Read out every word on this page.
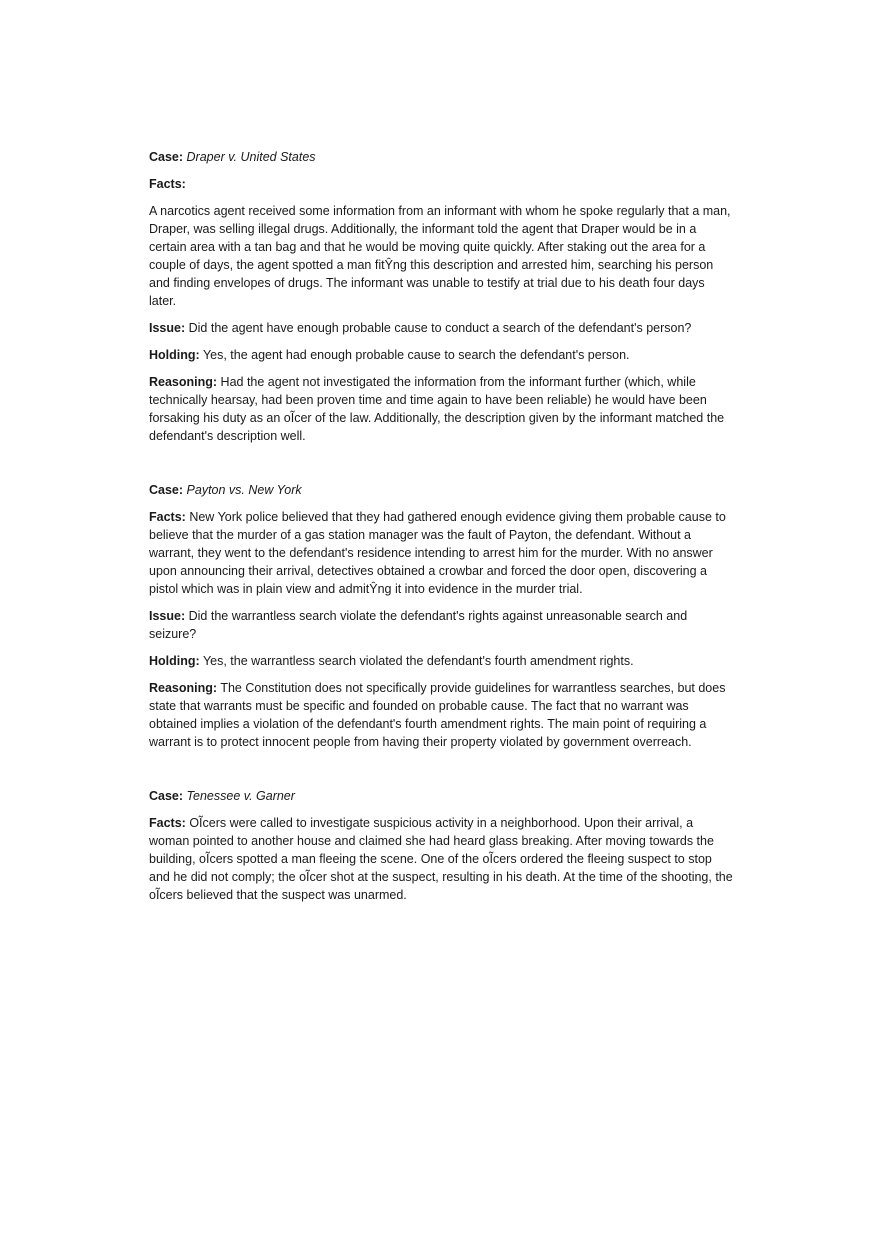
Case: Draper v. United States

Facts:

A narcotics agent received some information from an informant with whom he spoke regularly that a man, Draper, was selling illegal drugs. Additionally, the informant told the agent that Draper would be in a certain area with a tan bag and that he would be moving quite quickly. After staking out the area for a couple of days, the agent spotted a man fitŶng this description and arrested him, searching his person and finding envelopes of drugs. The informant was unable to testify at trial due to his death four days later.

Issue: Did the agent have enough probable cause to conduct a search of the defendant's person?

Holding: Yes, the agent had enough probable cause to search the defendant's person.

Reasoning: Had the agent not investigated the information from the informant further (which, while technically hearsay, had been proven time and time again to have been reliable) he would have been forsaking his duty as an oĨcer of the law. Additionally, the description given by the informant matched the defendant's description well.

Case: Payton vs. New York

Facts: New York police believed that they had gathered enough evidence giving them probable cause to believe that the murder of a gas station manager was the fault of Payton, the defendant. Without a warrant, they went to the defendant's residence intending to arrest him for the murder. With no answer upon announcing their arrival, detectives obtained a crowbar and forced the door open, discovering a pistol which was in plain view and admitŶng it into evidence in the murder trial.

Issue: Did the warrantless search violate the defendant's rights against unreasonable search and seizure?

Holding: Yes, the warrantless search violated the defendant's fourth amendment rights.

Reasoning: The Constitution does not specifically provide guidelines for warrantless searches, but does state that warrants must be specific and founded on probable cause. The fact that no warrant was obtained implies a violation of the defendant's fourth amendment rights. The main point of requiring a warrant is to protect innocent people from having their property violated by government overreach.

Case: Tenessee v. Garner

Facts: OĨcers were called to investigate suspicious activity in a neighborhood. Upon their arrival, a woman pointed to another house and claimed she had heard glass breaking. After moving towards the building, oĨcers spotted a man fleeing the scene. One of the oĨcers ordered the fleeing suspect to stop and he did not comply; the oĨcer shot at the suspect, resulting in his death. At the time of the shooting, the oĨcers believed that the suspect was unarmed.
